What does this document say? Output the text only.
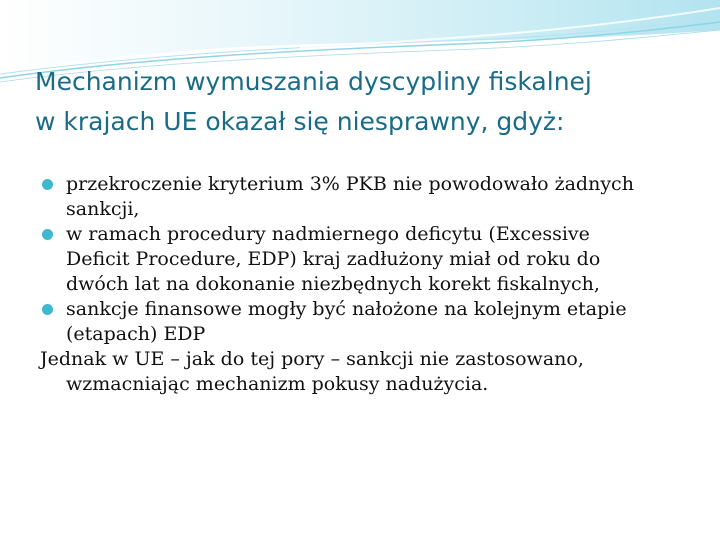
Mechanizm wymuszania dyscypliny fiskalnej
w krajach UE okazał się niesprawny, gdyż:
przekroczenie kryterium 3% PKB nie powodowało żadnych
sankcji,
w ramach procedury nadmiernego deficytu (Excessive
Deficit Procedure, EDP) kraj zadłużony miał od roku do
dwóch lat na dokonanie niezbędnych korekt fiskalnych,
sankcje finansowe mogły być nałożone na kolejnym etapie
(etapach) EDP
Jednak w UE – jak do tej pory – sankcji nie zastosowano,
wzmacniając mechanizm pokusy nadużycia.
